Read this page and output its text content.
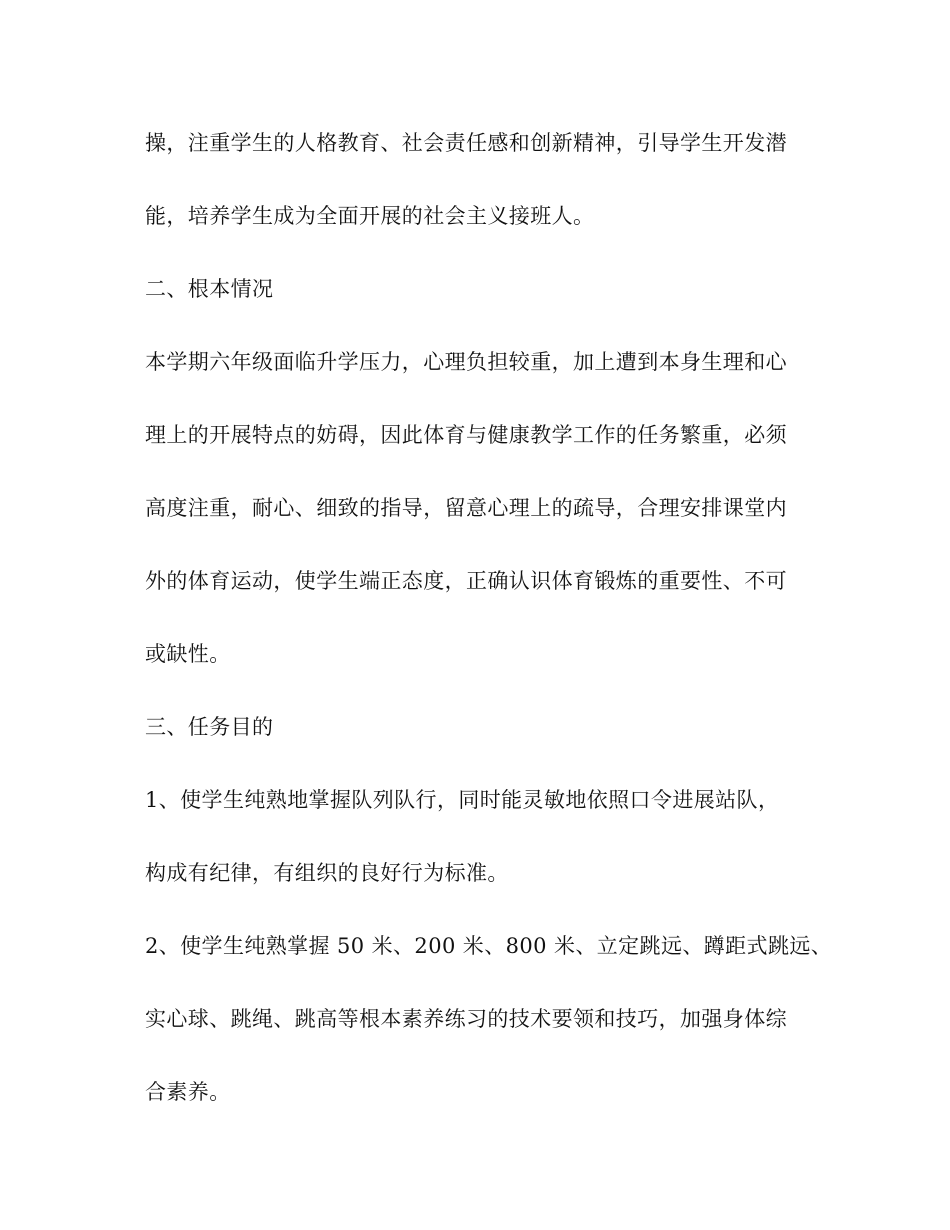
操，注重学生的人格教育、社会责任感和创新精神，引导学生开发潜
能，培养学生成为全面开展的社会主义接班人。
二、根本情况
本学期六年级面临升学压力，心理负担较重，加上遭到本身生理和心
理上的开展特点的妨碍，因此体育与健康教学工作的任务繁重，必须
高度注重，耐心、细致的指导，留意心理上的疏导，合理安排课堂内
外的体育运动，使学生端正态度，正确认识体育锻炼的重要性、不可
或缺性。
三、任务目的
1、使学生纯熟地掌握队列队行，同时能灵敏地依照口令进展站队，
构成有纪律，有组织的良好行为标准。
2、使学生纯熟掌握 50 米、200 米、800 米、立定跳远、蹲距式跳远、
实心球、跳绳、跳高等根本素养练习的技术要领和技巧，加强身体综
合素养。
